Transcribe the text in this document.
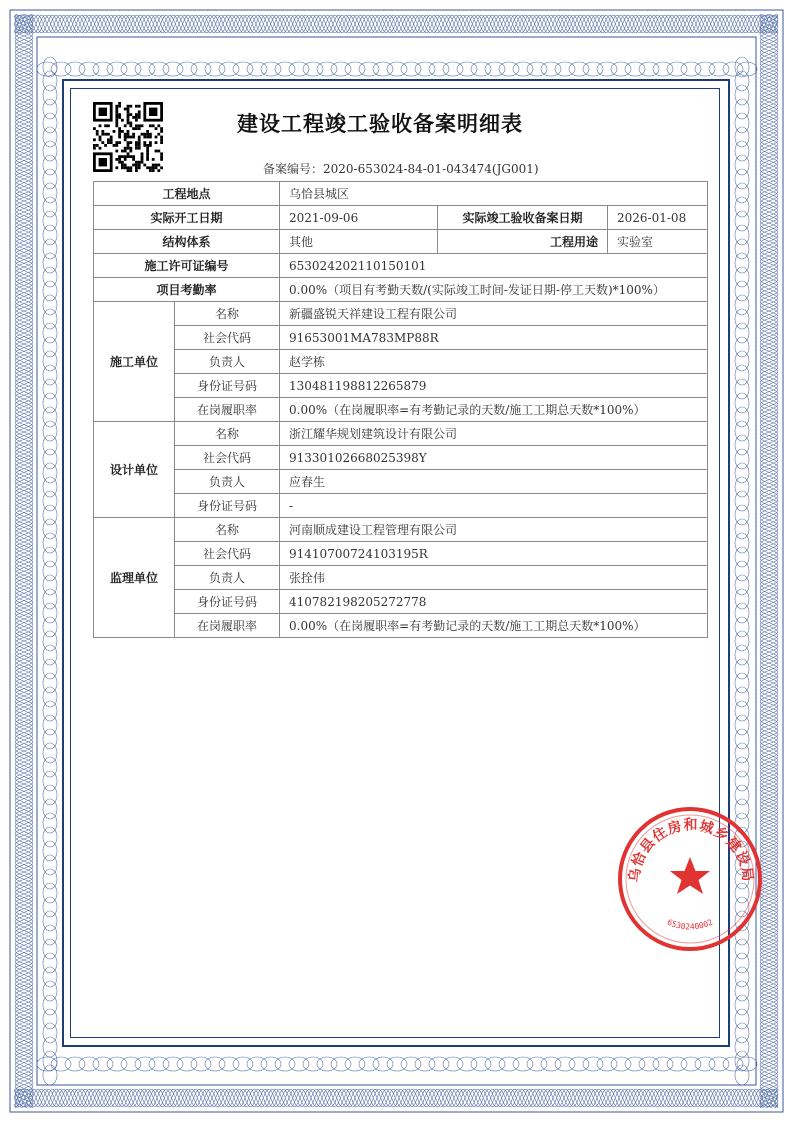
建设工程竣工验收备案明细表
备案编号：2020-653024-84-01-043474(JG001)
工程地点		乌恰县城区		
实际开工日期		2021-09-06	实际竣工验收备案日期	2026-01-08
结构体系		其他	工程用途	实验室
施工许可证编号		653024202110150101		
项目考勤率		0.00%（项目有考勤天数/(实际竣工时间-发证日期-停工天数)*100%）		
施工单位	名称	新疆盛锐天祥建设工程有限公司		
	社会代码	91653001MA783MP88R		
	负责人	赵学栋		
	身份证号码	130481198812265879		
	在岗履职率	0.00%（在岗履职率=有考勤记录的天数/施工工期总天数*100%）		
设计单位	名称	浙江耀华规划建筑设计有限公司		
	社会代码	91330102668025398Y		
	负责人	应春生		
	身份证号码	-		
监理单位	名称	河南顺成建设工程管理有限公司		
	社会代码	91410700724103195R		
	负责人	张拴伟		
	身份证号码	410782198205272778		
	在岗履职率	0.00%（在岗履职率=有考勤记录的天数/施工工期总天数*100%）		
乌恰县住房和城乡建设局
6530240002
